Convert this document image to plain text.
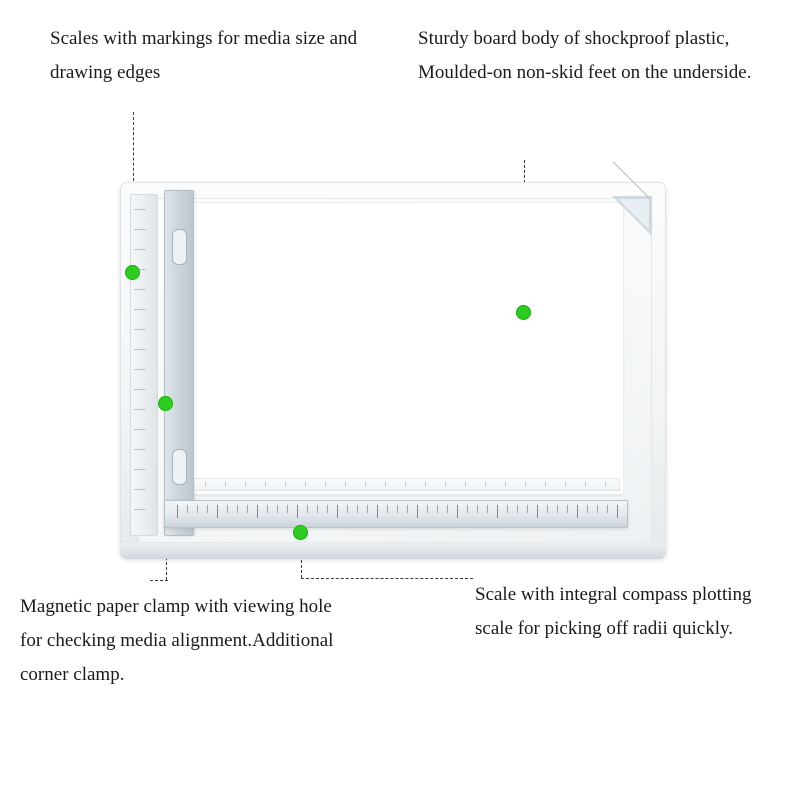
Scales with markings for media size and drawing edges
Sturdy board body of shockproof plastic, Moulded-on non-skid feet on the underside.
Magnetic paper clamp with viewing hole for checking media alignment.Additional corner clamp.
Scale with integral compass plotting scale for picking off radii quickly.
